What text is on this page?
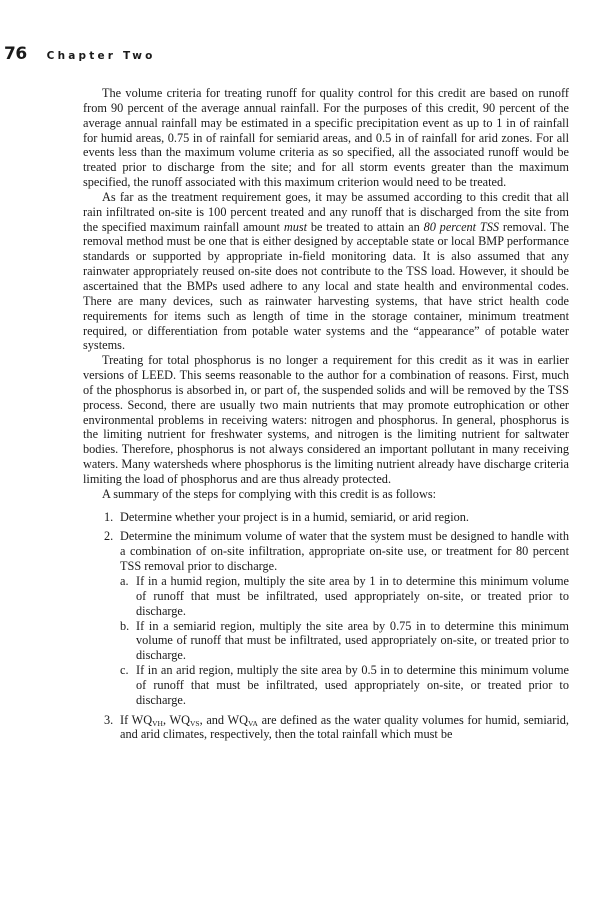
76 Chapter Two

The volume criteria for treating runoff for quality control for this credit are based on runoff from 90 percent of the average annual rainfall. For the purposes of this credit, 90 percent of the average annual rainfall may be estimated in a specific precipitation event as up to 1 in of rainfall for humid areas, 0.75 in of rainfall for semiarid areas, and 0.5 in of rainfall for arid zones. For all events less than the maximum volume criteria as so specified, all the associated runoff would be treated prior to discharge from the site; and for all storm events greater than the maximum specified, the runoff associated with this maximum criterion would need to be treated.

As far as the treatment requirement goes, it may be assumed according to this credit that all rain infiltrated on-site is 100 percent treated and any runoff that is discharged from the site from the specified maximum rainfall amount must be treated to attain an 80 percent TSS removal. The removal method must be one that is either designed by acceptable state or local BMP performance standards or supported by appropriate in-field monitoring data. It is also assumed that any rainwater appropriately reused on-site does not contribute to the TSS load. However, it should be ascertained that the BMPs used adhere to any local and state health and environmental codes. There are many devices, such as rainwater harvesting systems, that have strict health code requirements for items such as length of time in the storage container, minimum treatment required, or differentiation from potable water systems and the “appearance” of potable water systems.

Treating for total phosphorus is no longer a requirement for this credit as it was in earlier versions of LEED. This seems reasonable to the author for a combination of reasons. First, much of the phosphorus is absorbed in, or part of, the suspended solids and will be removed by the TSS process. Second, there are usually two main nutrients that may promote eutrophication or other environmental problems in receiving waters: nitrogen and phosphorus. In general, phosphorus is the limiting nutrient for freshwater systems, and nitrogen is the limiting nutrient for saltwater bodies. Therefore, phosphorus is not always considered an important pollutant in many receiving waters. Many watersheds where phosphorus is the limiting nutrient already have discharge criteria limiting the load of phosphorus and are thus already protected.

A summary of the steps for complying with this credit is as follows:

1. Determine whether your project is in a humid, semiarid, or arid region.
2. Determine the minimum volume of water that the system must be designed to handle with a combination of on-site infiltration, appropriate on-site use, or treatment for 80 percent TSS removal prior to discharge.
a. If in a humid region, multiply the site area by 1 in to determine this minimum volume of runoff that must be infiltrated, used appropriately on-site, or treated prior to discharge.
b. If in a semiarid region, multiply the site area by 0.75 in to determine this minimum volume of runoff that must be infiltrated, used appropriately on-site, or treated prior to discharge.
c. If in an arid region, multiply the site area by 0.5 in to determine this minimum volume of runoff that must be infiltrated, used appropriately on-site, or treated prior to discharge.
3. If $WQ_{VH}$, $WQ_{VS}$, and $WQ_{VA}$ are defined as the water quality volumes for humid, semiarid, and arid climates, respectively, then the total rainfall which must be
